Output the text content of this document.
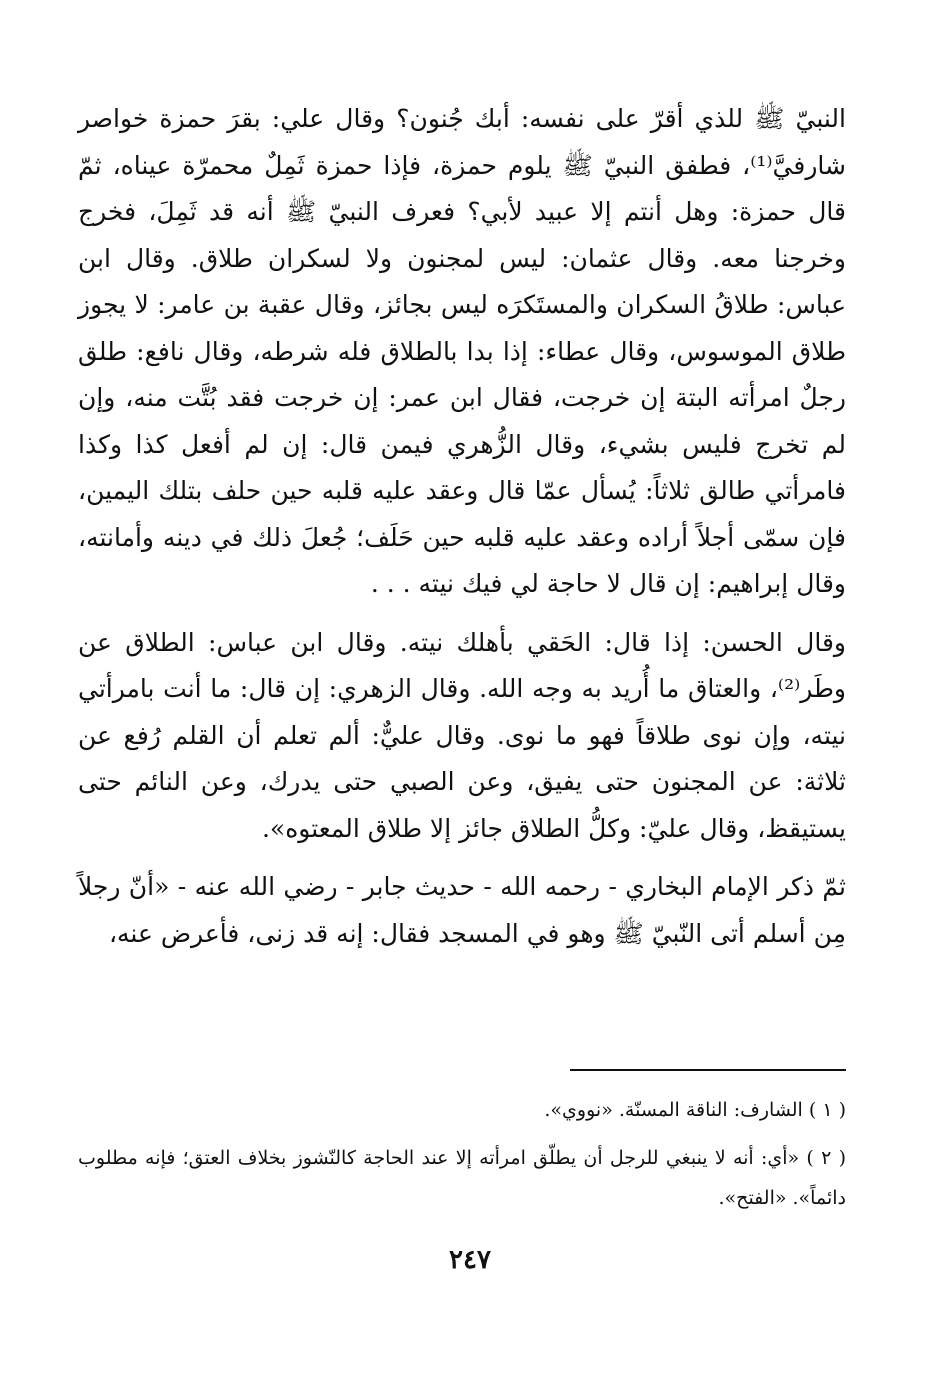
النبيّ ﷺ للذي أقرّ على نفسه: أبك جُنون؟ وقال علي: بقرَ حمزة خواصر شارفيَّ⁽¹⁾، فطفق النبيّ ﷺ يلوم حمزة، فإذا حمزة ثَمِلٌ محمرّة عيناه، ثمّ قال حمزة: وهل أنتم إلا عبيد لأبي؟ فعرف النبيّ ﷺ أنه قد ثَمِلَ، فخرج وخرجنا معه. وقال عثمان: ليس لمجنون ولا لسكران طلاق. وقال ابن عباس: طلاقُ السكران والمستَكرَه ليس بجائز، وقال عقبة بن عامر: لا يجوز طلاق الموسوس، وقال عطاء: إذا بدا بالطلاق فله شرطه، وقال نافع: طلق رجلٌ امرأته البتة إن خرجت، فقال ابن عمر: إن خرجت فقد بُتَّت منه، وإن لم تخرج فليس بشيء، وقال الزُّهري فيمن قال: إن لم أفعل كذا وكذا فامرأتي طالق ثلاثاً: يُسأل عمّا قال وعقد عليه قلبه حين حلف بتلك اليمين، فإن سمّى أجلاً أراده وعقد عليه قلبه حين حَلَف؛ جُعلَ ذلك في دينه وأمانته، وقال إبراهيم: إن قال لا حاجة لي فيك نيته . . .

وقال الحسن: إذا قال: الحَقي بأهلك نيته. وقال ابن عباس: الطلاق عن وطَر⁽²⁾، والعتاق ما أُريد به وجه الله. وقال الزهري: إن قال: ما أنت بامرأتي نيته، وإن نوى طلاقاً فهو ما نوى. وقال عليٌّ: ألم تعلم أن القلم رُفع عن ثلاثة: عن المجنون حتى يفيق، وعن الصبي حتى يدرك، وعن النائم حتى يستيقظ، وقال عليّ: وكلُّ الطلاق جائز إلا طلاق المعتوه».

ثمّ ذكر الإمام البخاري - رحمه الله - حديث جابر - رضي الله عنه - «أنّ رجلاً مِن أسلم أتى النّبيّ ﷺ وهو في المسجد فقال: إنه قد زنى، فأعرض عنه،

( ١ ) الشارف: الناقة المسنّة. «نووي».

( ٢ ) «أي: أنه لا ينبغي للرجل أن يطلّق امرأته إلا عند الحاجة كالنّشوز بخلاف العتق؛ فإنه مطلوب دائماً». «الفتح».

٢٤٧
